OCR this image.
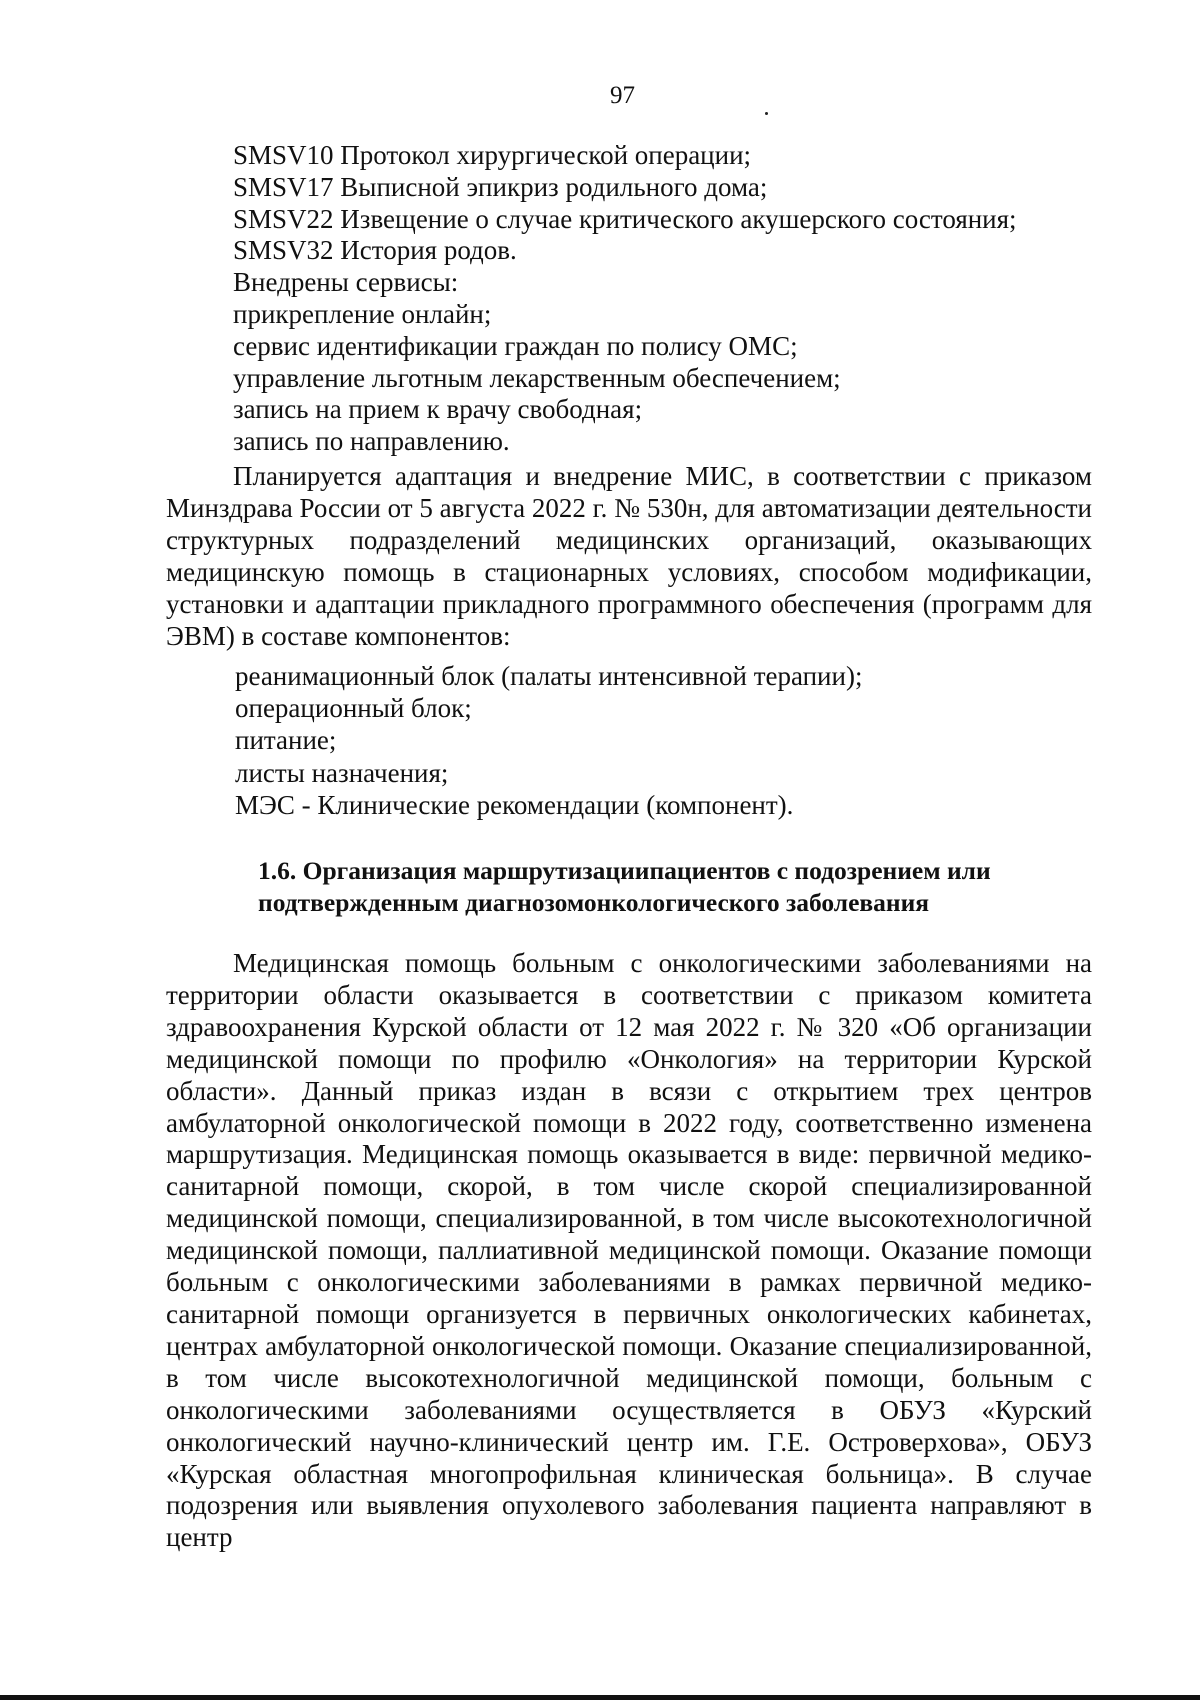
97
SMSV10 Протокол хирургической операции;
SMSV17 Выписной эпикриз родильного дома;
SMSV22 Извещение о случае критического акушерского состояния;
SMSV32 История родов.
Внедрены сервисы:
прикрепление онлайн;
сервис идентификации граждан по полису ОМС;
управление льготным лекарственным обеспечением;
запись на прием к врачу свободная;
запись по направлению.
Планируется адаптация и внедрение МИС, в соответствии с приказом Минздрава России от 5 августа 2022 г. № 530н, для автоматизации деятельности структурных подразделений медицинских организаций, оказывающих медицинскую помощь в стационарных условиях, способом модификации, установки и адаптации прикладного программного обеспечения (программ для ЭВМ) в составе компонентов:
реанимационный блок (палаты интенсивной терапии);
операционный блок;
питание;
листы назначения;
МЭС - Клинические рекомендации (компонент).
1.6. Организация маршрутизациипациентов с подозрением или
подтвержденным диагнозомонкологического заболевания
Медицинская помощь больным с онкологическими заболеваниями на территории области оказывается в соответствии с приказом комитета здравоохранения Курской области от 12 мая 2022 г. № 320 «Об организации медицинской помощи по профилю «Онкология» на территории Курской области». Данный приказ издан в всязи с открытием трех центров амбулаторной онкологической помощи в 2022 году, соответственно изменена маршрутизация. Медицинская помощь оказывается в виде: первичной медико-санитарной помощи, скорой, в том числе скорой специализированной медицинской помощи, специализированной, в том числе высокотехнологичной медицинской помощи, паллиативной медицинской помощи. Оказание помощи больным с онкологическими заболеваниями в рамках первичной медико-санитарной помощи организуется в первичных онкологических кабинетах, центрах амбулаторной онкологической помощи. Оказание специализированной, в том числе высокотехнологичной медицинской помощи, больным с онкологическими заболеваниями осуществляется в ОБУЗ «Курский онкологический научно-клинический центр им. Г.Е. Островерхова», ОБУЗ «Курская областная многопрофильная клиническая больница». В случае подозрения или выявления опухолевого заболевания пациента направляют в центр
